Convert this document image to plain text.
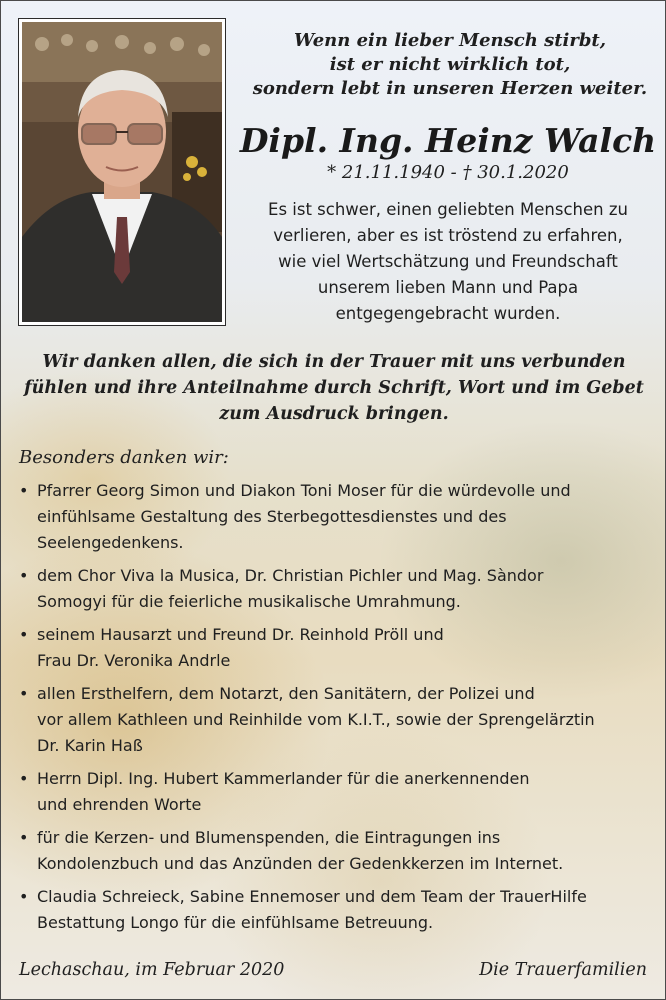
Wenn ein lieber Mensch stirbt,
ist er nicht wirklich tot,
sondern lebt in unseren Herzen weiter.
Dipl. Ing. Heinz Walch
* 21.11.1940 - † 30.1.2020
Es ist schwer, einen geliebten Menschen zu
verlieren, aber es ist tröstend zu erfahren,
wie viel Wertschätzung und Freundschaft
unserem lieben Mann und Papa
entgegengebracht wurden.
Wir danken allen, die sich in der Trauer mit uns verbunden
fühlen und ihre Anteilnahme durch Schrift, Wort und im Gebet
zum Ausdruck bringen.
Besonders danken wir:
• Pfarrer Georg Simon und Diakon Toni Moser für die würdevolle und
einfühlsame Gestaltung des Sterbegottesdienstes und des
Seelengedenkens.
• dem Chor Viva la Musica, Dr. Christian Pichler und Mag. Sàndor
Somogyi für die feierliche musikalische Umrahmung.
• seinem Hausarzt und Freund Dr. Reinhold Pröll und
Frau Dr. Veronika Andrle
• allen Ersthelfern, dem Notarzt, den Sanitätern, der Polizei und
vor allem Kathleen und Reinhilde vom K.I.T., sowie der Sprengelärztin
Dr. Karin Haß
• Herrn Dipl. Ing. Hubert Kammerlander für die anerkennenden
und ehrenden Worte
• für die Kerzen- und Blumenspenden, die Eintragungen ins
Kondolenzbuch und das Anzünden der Gedenkkerzen im Internet.
• Claudia Schreieck, Sabine Ennemoser und dem Team der TrauerHilfe
Bestattung Longo für die einfühlsame Betreuung.
Lechaschau, im Februar 2020	Die Trauerfamilien
